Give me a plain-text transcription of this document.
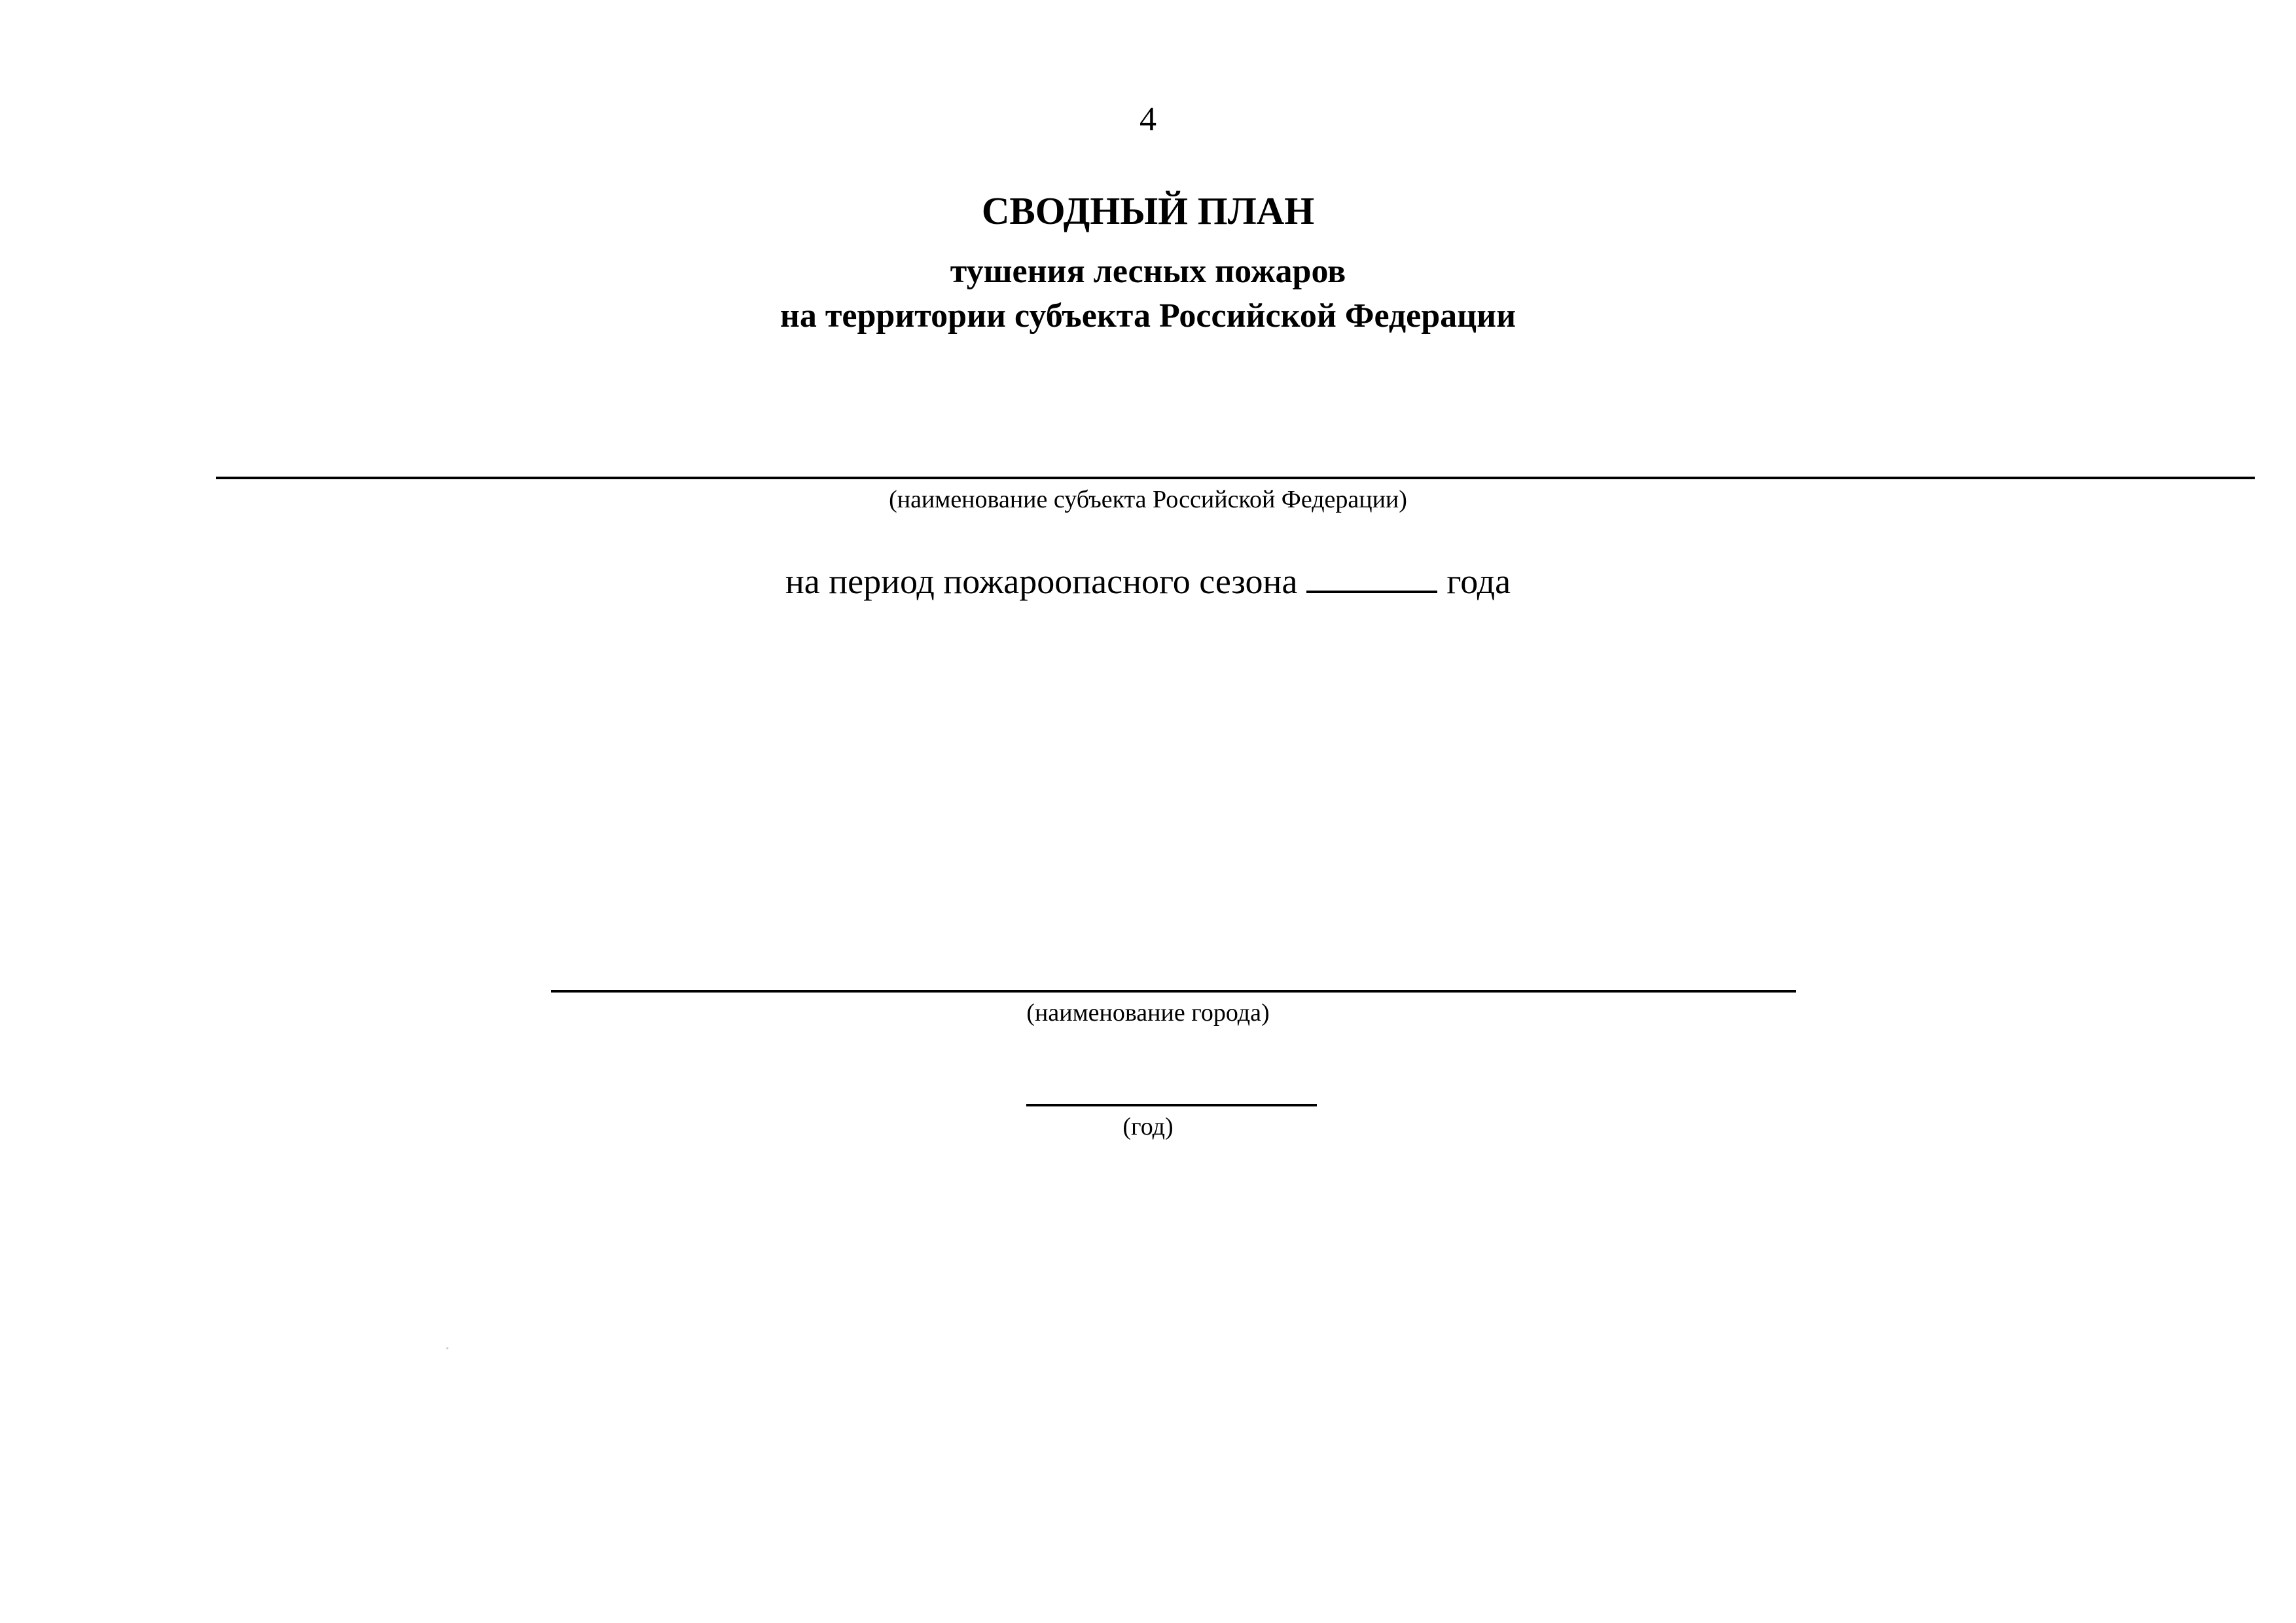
4
СВОДНЫЙ ПЛАН
тушения лесных пожаров
на территории субъекта Российской Федерации
(наименование субъекта Российской Федерации)
на период пожароопасного сезона	года
(наименование города)
(год)
